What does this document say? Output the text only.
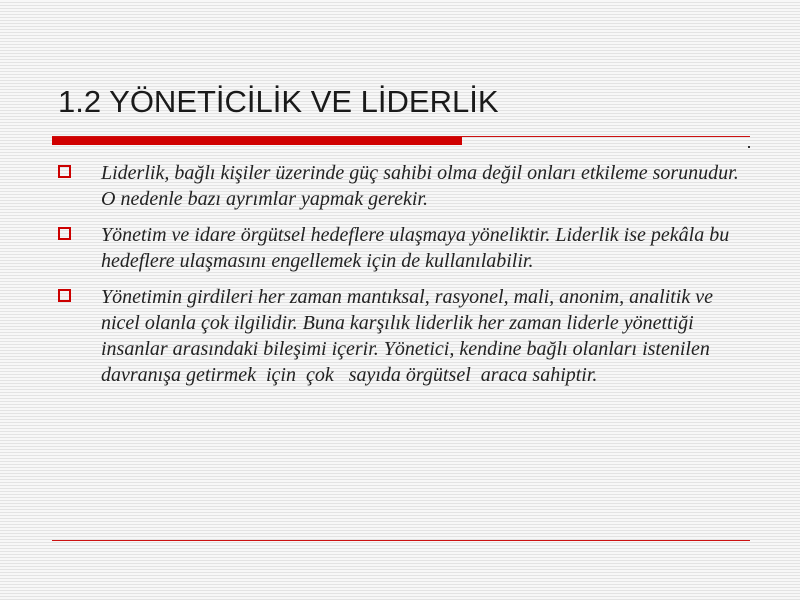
1.2 YÖNETİCİLİK VE LİDERLİK
Liderlik, bağlı kişiler üzerinde güç sahibi olma değil onları etkileme sorunudur. O nedenle bazı ayrımlar yapmak gerekir.
Yönetim ve idare örgütsel hedeflere ulaşmaya yöneliktir. Liderlik ise pekâla bu hedeflere ulaşmasını engellemek için de kullanılabilir.
Yönetimin girdileri her zaman mantıksal, rasyonel, mali, anonim, analitik ve nicel olanla çok ilgilidir. Buna karşılık liderlik her zaman liderle yönettiği insanlar arasındaki bileşimi içerir. Yönetici, kendine bağlı olanları istenilen davranışa getirmek  için  çok   sayıda örgütsel  araca sahiptir.
